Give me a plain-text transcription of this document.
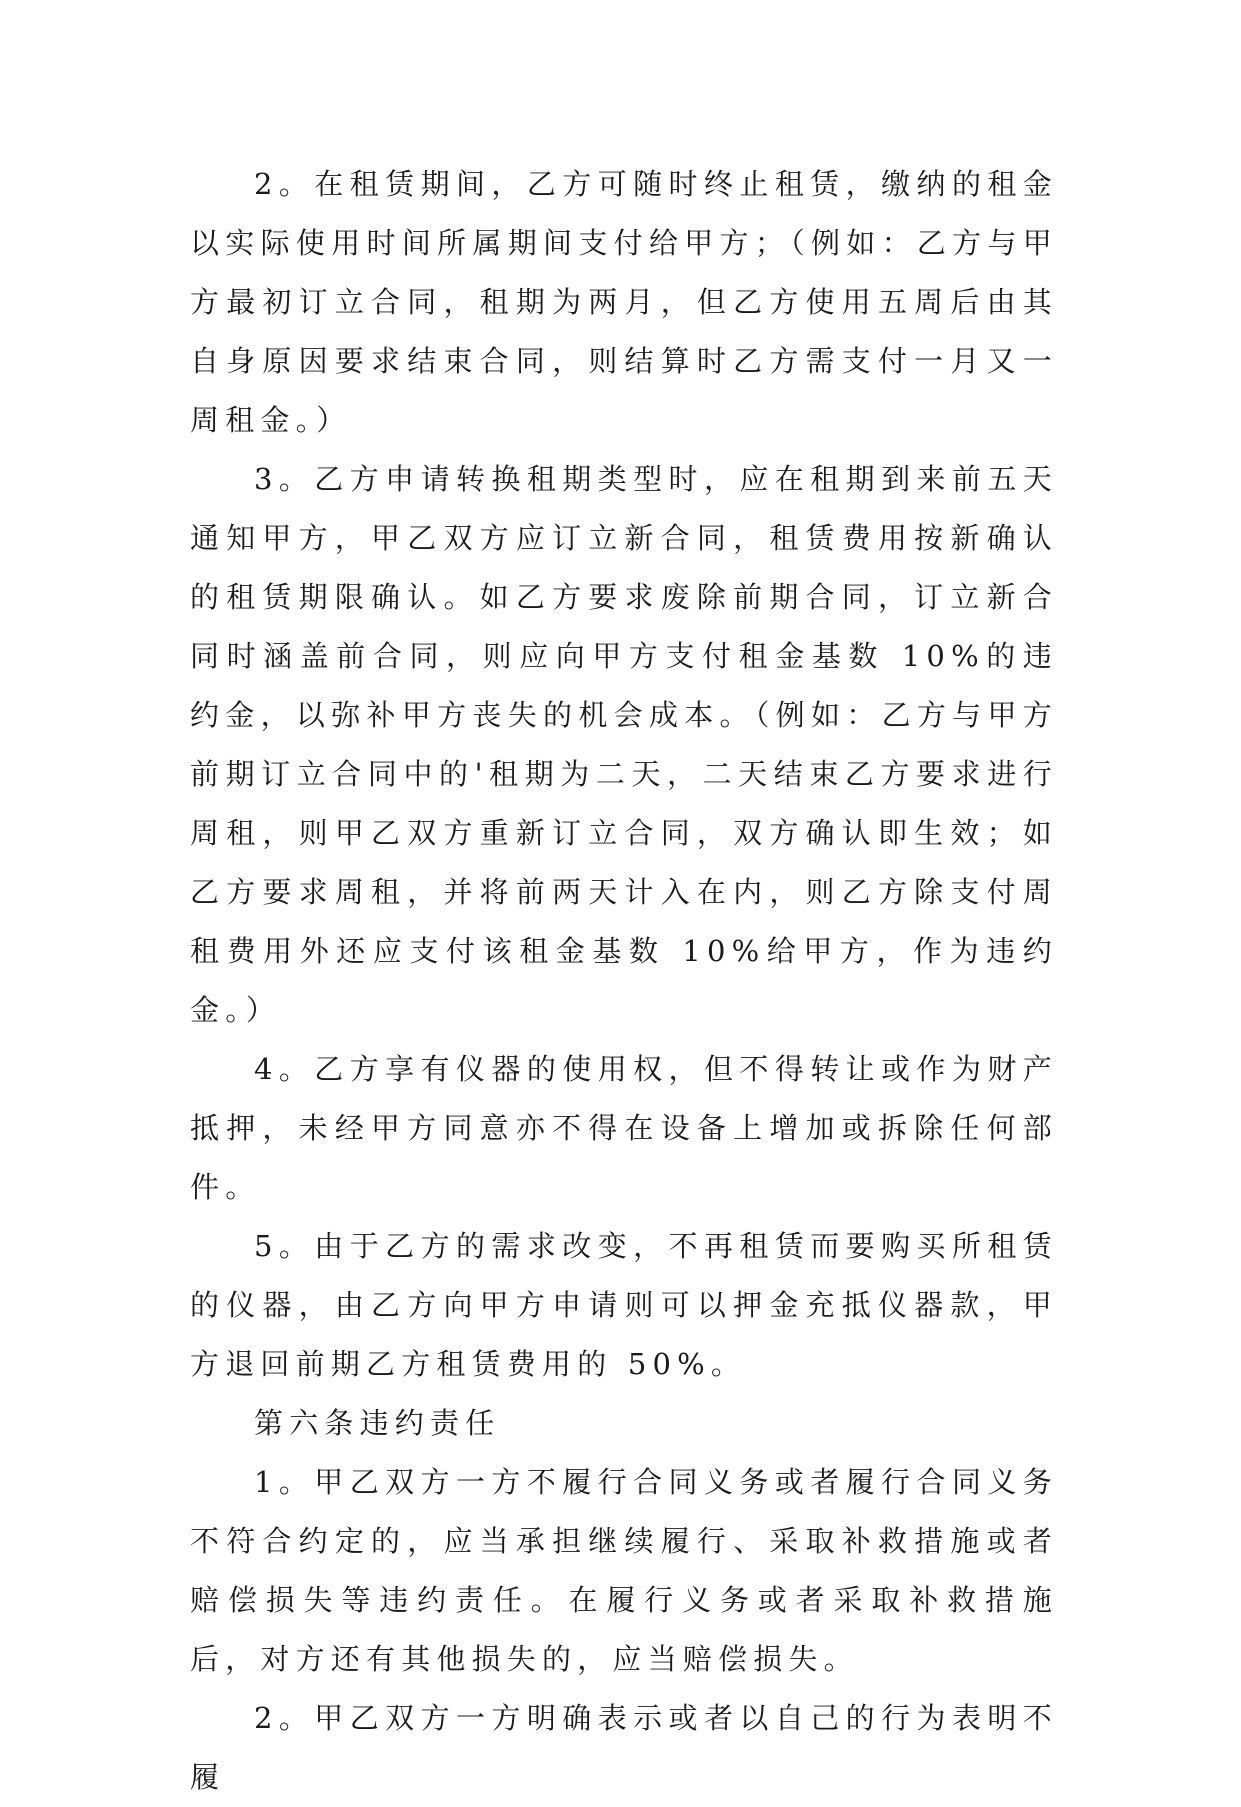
2。在租赁期间，乙方可随时终止租赁，缴纳的租金以实际使用时间所属期间支付给甲方；（例如：乙方与甲方最初订立合同，租期为两月，但乙方使用五周后由其自身原因要求结束合同，则结算时乙方需支付一月又一周租金。）

3。乙方申请转换租期类型时，应在租期到来前五天通知甲方，甲乙双方应订立新合同，租赁费用按新确认的租赁期限确认。如乙方要求废除前期合同，订立新合同时涵盖前合同，则应向甲方支付租金基数 10%的违约金，以弥补甲方丧失的机会成本。（例如：乙方与甲方前期订立合同中的'租期为二天，二天结束乙方要求进行周租，则甲乙双方重新订立合同，双方确认即生效；如乙方要求周租，并将前两天计入在内，则乙方除支付周租费用外还应支付该租金基数 10%给甲方，作为违约金。）

4。乙方享有仪器的使用权，但不得转让或作为财产抵押，未经甲方同意亦不得在设备上增加或拆除任何部件。

5。由于乙方的需求改变，不再租赁而要购买所租赁的仪器，由乙方向甲方申请则可以押金充抵仪器款，甲方退回前期乙方租赁费用的 50%。

第六条违约责任

1。甲乙双方一方不履行合同义务或者履行合同义务不符合约定的，应当承担继续履行、采取补救措施或者赔偿损失等违约责任。在履行义务或者采取补救措施后，对方还有其他损失的，应当赔偿损失。

2。甲乙双方一方明确表示或者以自己的行为表明不履
